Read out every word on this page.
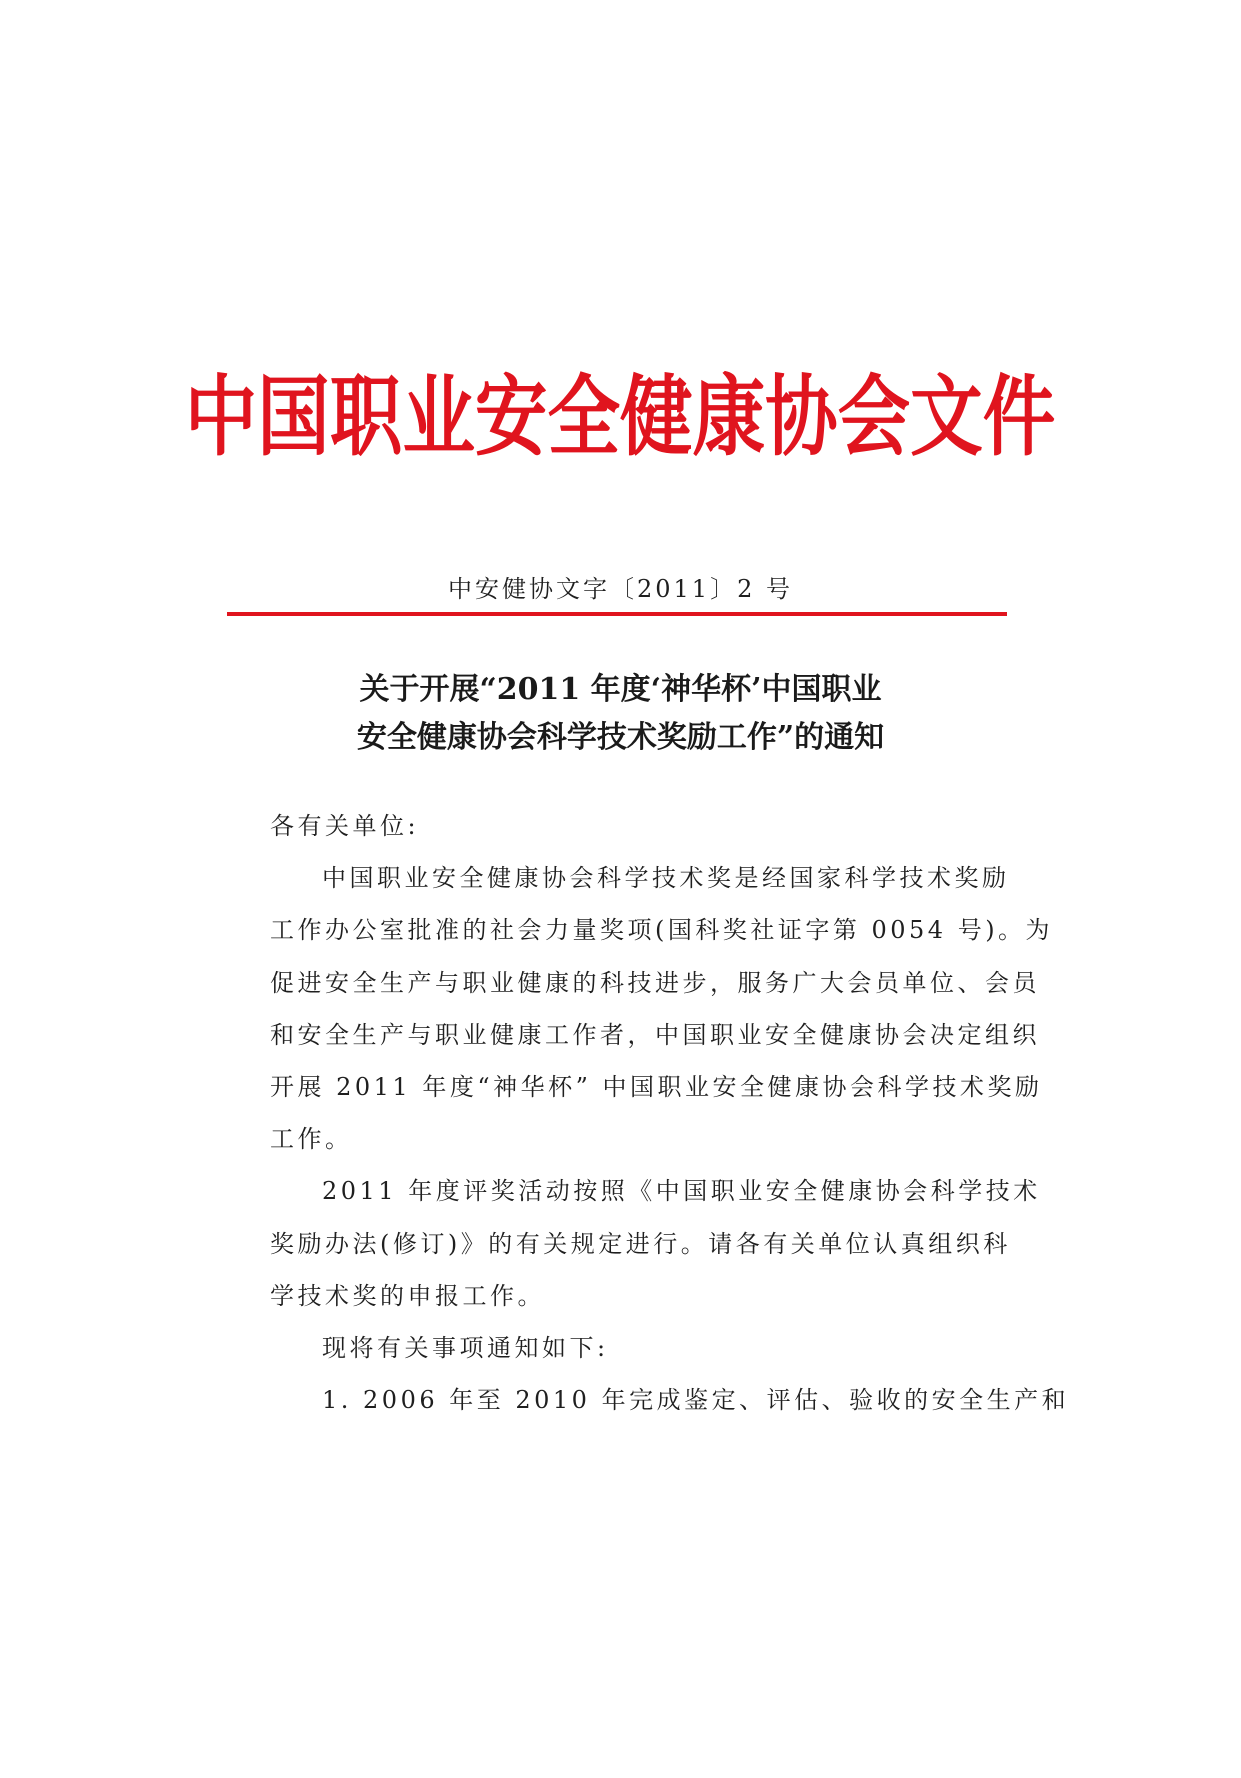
中国职业安全健康协会文件
中安健协文字〔2011〕2 号
关于开展“2011 年度‘神华杯’中国职业
安全健康协会科学技术奖励工作”的通知
各有关单位:
中国职业安全健康协会科学技术奖是经国家科学技术奖励
工作办公室批准的社会力量奖项(国科奖社证字第 0054 号)。为
促进安全生产与职业健康的科技进步，服务广大会员单位、会员
和安全生产与职业健康工作者，中国职业安全健康协会决定组织
开展 2011 年度“神华杯” 中国职业安全健康协会科学技术奖励
工作。
2011 年度评奖活动按照《中国职业安全健康协会科学技术
奖励办法(修订)》的有关规定进行。请各有关单位认真组织科
学技术奖的申报工作。
现将有关事项通知如下:
1. 2006 年至 2010 年完成鉴定、评估、验收的安全生产和
